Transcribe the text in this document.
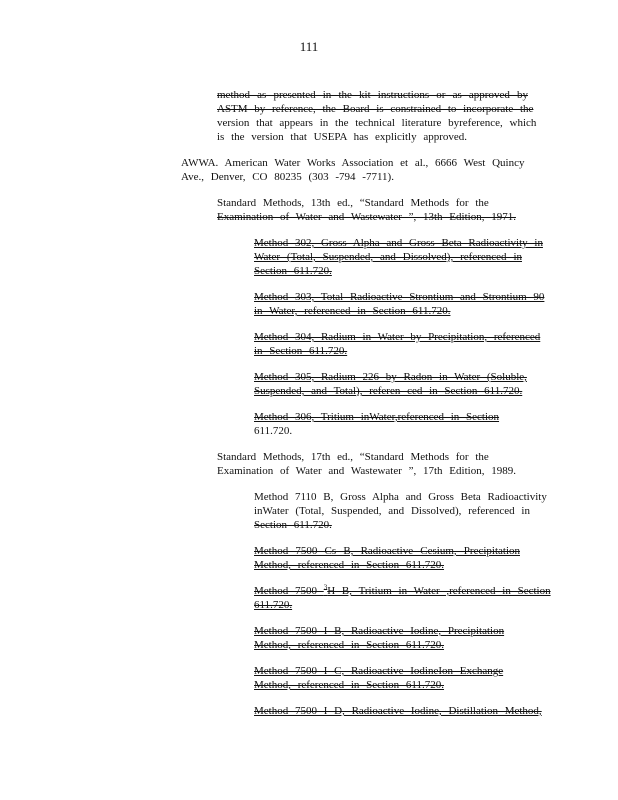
111
method as presented in the kit instructions or as approved by
ASTM by reference, the Board is constrained to incorporate the
version that appears in the technical literature byreference, which
is the version that USEPA has explicitly approved.
AWWA. American Water Works Association et al., 6666 West Quincy
Ave., Denver, CO 80235 (303 -794 -7711).
Standard Methods, 13th ed., “Standard Methods for the
Examination of Water and Wastewater ”, 13th Edition, 1971.
Method 302, Gross Alpha and Gross Beta Radioactivity in
Water (Total, Suspended, and Dissolved), referenced in
Section 611.720.
Method 303, Total Radioactive Strontium and Strontium 90
in Water, referenced in Section 611.720.
Method 304, Radium in Water by Precipitation, referenced
in Section 611.720.
Method 305, Radium 226 by Radon in Water (Soluble,
Suspended, and Total), referen ced in Section 611.720.
Method 306, Tritium inWater,referenced in Section
611.720.
Standard Methods, 17th ed., “Standard Methods for the
Examination of Water and Wastewater ”, 17th Edition, 1989.
Method 7110 B, Gross Alpha and Gross Beta Radioactivity
inWater (Total, Suspended, and Dissolved), referenced in
Section 611.720.
Method 7500 Cs B, Radioactive Cesium, Precipitation
Method, referenced in Section 611.720.
Method 7500 $^3$H B, Tritium in Water ,referenced in Section
611.720.
Method 7500 I B, Radioactive Iodine, Precipitation
Method, referenced in Section 611.720.
Method 7500 I C, Radioactive IodineIon Exchange
Method, referenced in Section 611.720.
Method 7500 I D, Radioactive Iodine, Distillation Method,
